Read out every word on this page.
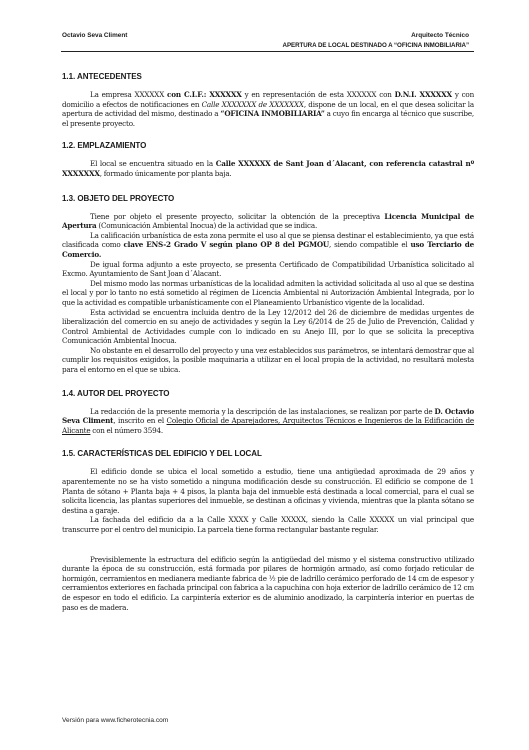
Octavio Seva Climent	Arquitecto Técnico
APERTURA DE LOCAL DESTINADO A “OFICINA INMOBILIARIA”
1.1. ANTECEDENTES

La empresa XXXXXX con C.I.F.: XXXXXX y en representación de esta XXXXXX con D.N.I. XXXXXX y con domicilio a efectos de notificaciones en Calle XXXXXXX de XXXXXXX, dispone de un local, en el que desea solicitar la apertura de actividad del mismo, destinado a “OFICINA INMOBILIARIA” a cuyo fin encarga al técnico que suscribe, el presente proyecto.

1.2. EMPLAZAMIENTO

El local se encuentra situado en la Calle XXXXXX de Sant Joan d´Alacant, con referencia catastral nº XXXXXXX, formado únicamente por planta baja.

1.3. OBJETO DEL PROYECTO

Tiene por objeto el presente proyecto, solicitar la obtención de la preceptiva Licencia Municipal de Apertura (Comunicación Ambiental Inocua) de la actividad que se indica.

La calificación urbanística de esta zona permite el uso al que se piensa destinar el establecimiento, ya que está clasificada como clave ENS-2 Grado V según plano OP 8 del PGMOU, siendo compatible el uso Terciario de Comercio.

De igual forma adjunto a este proyecto, se presenta Certificado de Compatibilidad Urbanística solicitado al Excmo. Ayuntamiento de Sant Joan d´Alacant.

Del mismo modo las normas urbanísticas de la localidad admiten la actividad solicitada al uso al que se destina el local y por lo tanto no está sometido al régimen de Licencia Ambiental ni Autorización Ambiental Integrada, por lo que la actividad es compatible urbanísticamente con el Planeamiento Urbanístico vigente de la localidad.

Esta actividad se encuentra incluida dentro de la Ley 12/2012 del 26 de diciembre de medidas urgentes de liberalización del comercio en su anejo de actividades y según la Ley 6/2014 de 25 de Julio de Prevención, Calidad y Control Ambiental de Actividades cumple con lo indicado en su Anejo III, por lo que se solicita la preceptiva Comunicación Ambiental Inocua.

No obstante en el desarrollo del proyecto y una vez establecidos sus parámetros, se intentará demostrar que al cumplir los requisitos exigidos, la posible maquinaria a utilizar en el local propia de la actividad, no resultará molesta para el entorno en el que se ubica.

1.4. AUTOR DEL PROYECTO

La redacción de la presente memoria y la descripción de las instalaciones, se realizan por parte de D. Octavio Seva Climent, inscrito en el Colegio Oficial de Aparejadores, Arquitectos Técnicos e Ingenieros de la Edificación de Alicante con el número 3594.

1.5. CARACTERÍSTICAS DEL EDIFICIO Y DEL LOCAL

El edificio donde se ubica el local sometido a estudio, tiene una antigüedad aproximada de 29 años y aparentemente no se ha visto sometido a ninguna modificación desde su construcción. El edificio se compone de 1 Planta de sótano + Planta baja + 4 pisos, la planta baja del inmueble está destinada a local comercial, para el cual se solicita licencia, las plantas superiores del inmueble, se destinan a oficinas y vivienda, mientras que la planta sótano se destina a garaje.

La fachada del edificio da a la Calle XXXX y Calle XXXXX, siendo la Calle XXXXX un vial principal que transcurre por el centro del municipio. La parcela tiene forma rectangular bastante regular.

Previsiblemente la estructura del edificio según la antigüedad del mismo y el sistema constructivo utilizado durante la época de su construcción, está formada por pilares de hormigón armado, así como forjado reticular de hormigón, cerramientos en medianera mediante fabrica de ½ pie de ladrillo cerámico perforado de 14 cm de espesor y cerramientos exteriores en fachada principal con fabrica a la capuchina con hoja exterior de ladrillo cerámico de 12 cm de espesor en todo el edificio. La carpintería exterior es de aluminio anodizado, la carpintería interior en puertas de paso es de madera.

Versión para www.ficherotecnia.com
